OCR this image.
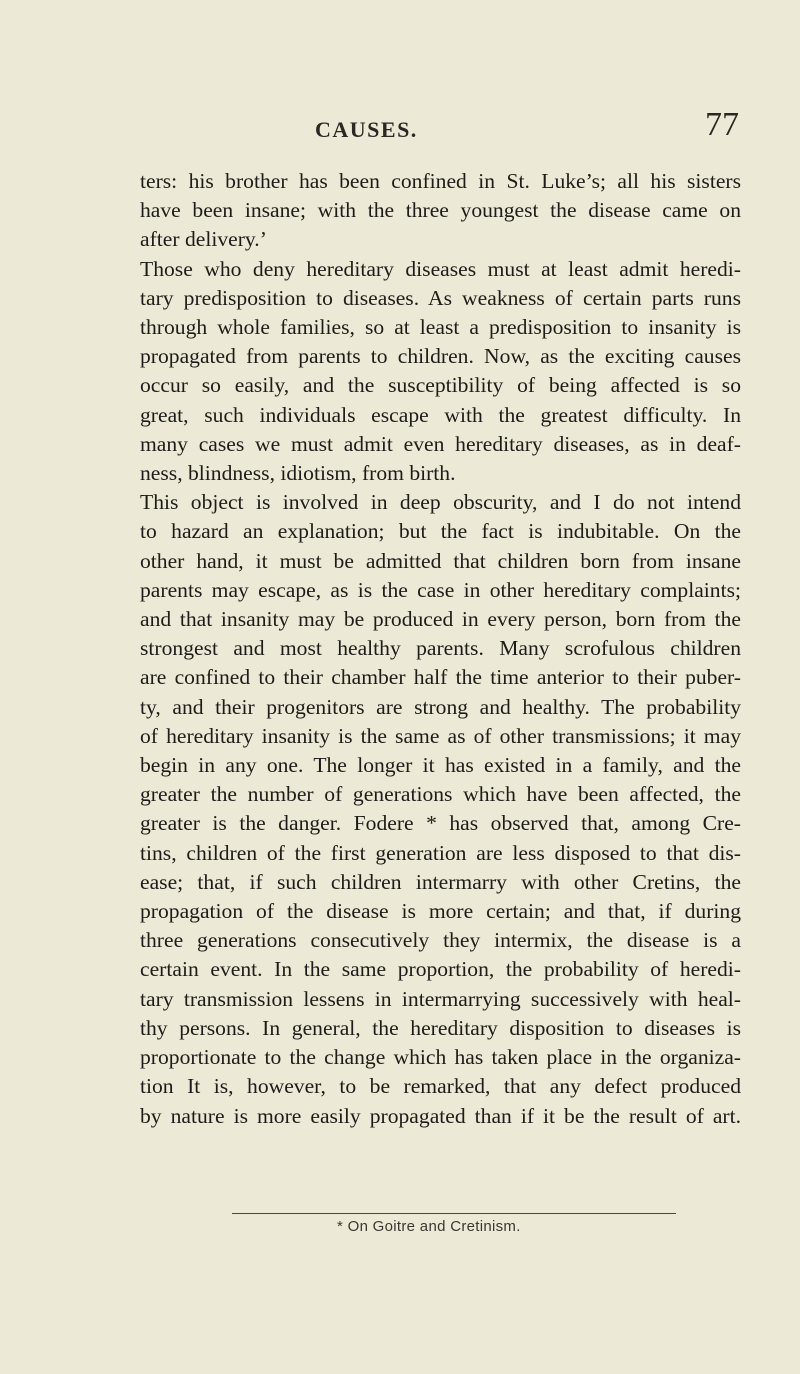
CAUSES.	77
ters: his brother has been confined in St. Luke’s; all his sisters
have been insane; with the three youngest the disease came on
after delivery.’
Those who deny hereditary diseases must at least admit heredi-
tary predisposition to diseases. As weakness of certain parts runs
through whole families, so at least a predisposition to insanity is
propagated from parents to children. Now, as the exciting causes
occur so easily, and the susceptibility of being affected is so
great, such individuals escape with the greatest difficulty. In
many cases we must admit even hereditary diseases, as in deaf-
ness, blindness, idiotism, from birth.
This object is involved in deep obscurity, and I do not intend
to hazard an explanation; but the fact is indubitable. On the
other hand, it must be admitted that children born from insane
parents may escape, as is the case in other hereditary complaints;
and that insanity may be produced in every person, born from the
strongest and most healthy parents. Many scrofulous children
are confined to their chamber half the time anterior to their puber-
ty, and their progenitors are strong and healthy. The probability
of hereditary insanity is the same as of other transmissions; it may
begin in any one. The longer it has existed in a family, and the
greater the number of generations which have been affected, the
greater is the danger. Fodere * has observed that, among Cre-
tins, children of the first generation are less disposed to that dis-
ease; that, if such children intermarry with other Cretins, the
propagation of the disease is more certain; and that, if during
three generations consecutively they intermix, the disease is a
certain event. In the same proportion, the probability of heredi-
tary transmission lessens in intermarrying successively with heal-
thy persons. In general, the hereditary disposition to diseases is
proportionate to the change which has taken place in the organiza-
tion It is, however, to be remarked, that any defect produced
by nature is more easily propagated than if it be the result of art.
* On Goitre and Cretinism.
